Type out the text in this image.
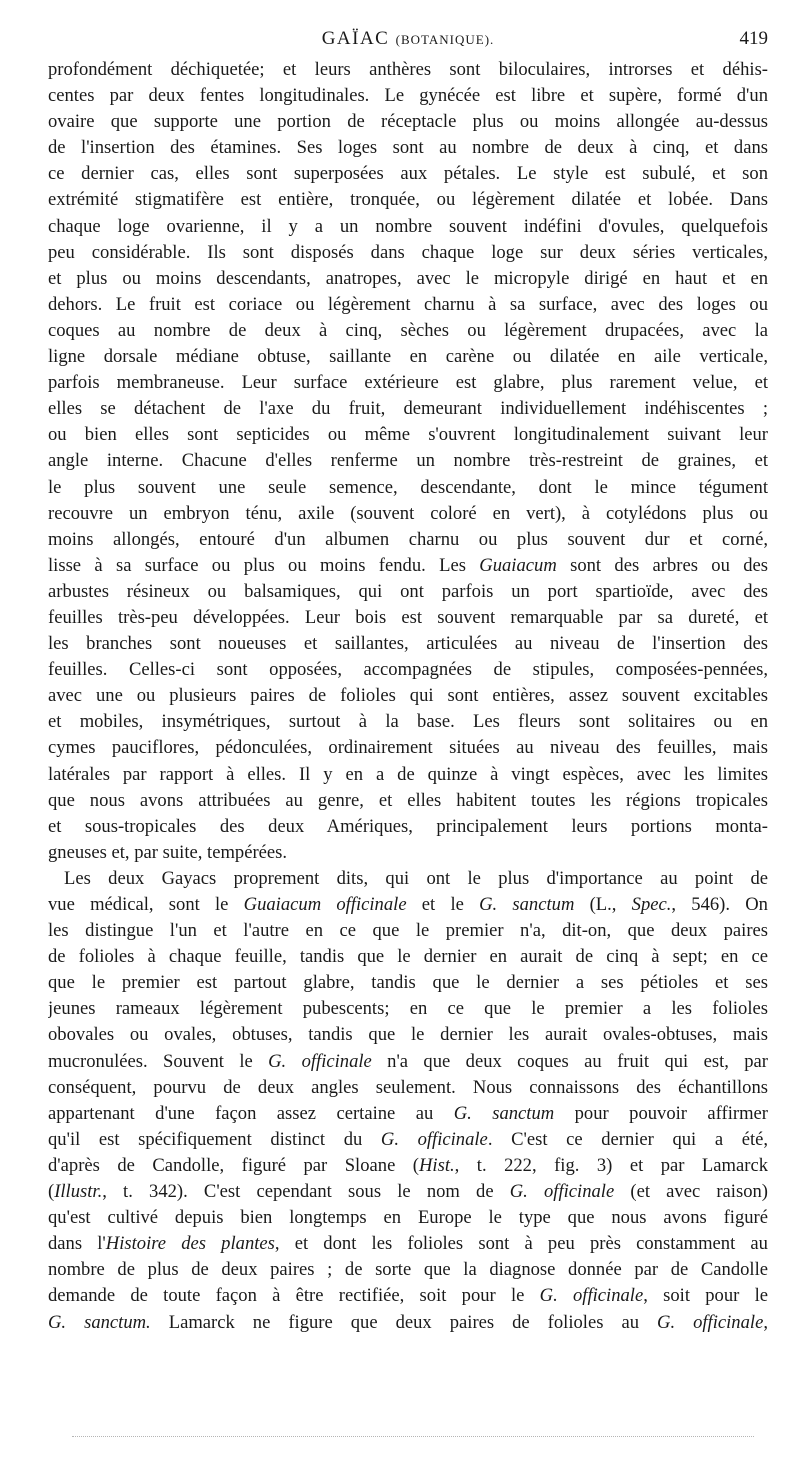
GAÏAC (BOTANIQUE).	419
profondément déchiquetée; et leurs anthères sont biloculaires, introrses et déhis-
centes par deux fentes longitudinales. Le gynécée est libre et supère, formé d'un
ovaire que supporte une portion de réceptacle plus ou moins allongée au-dessus
de l'insertion des étamines. Ses loges sont au nombre de deux à cinq, et dans
ce dernier cas, elles sont superposées aux pétales. Le style est subulé, et son
extrémité stigmatifère est entière, tronquée, ou légèrement dilatée et lobée. Dans
chaque loge ovarienne, il y a un nombre souvent indéfini d'ovules, quelquefois
peu considérable. Ils sont disposés dans chaque loge sur deux séries verticales,
et plus ou moins descendants, anatropes, avec le micropyle dirigé en haut et en
dehors. Le fruit est coriace ou légèrement charnu à sa surface, avec des loges ou
coques au nombre de deux à cinq, sèches ou légèrement drupacées, avec la
ligne dorsale médiane obtuse, saillante en carène ou dilatée en aile verticale,
parfois membraneuse. Leur surface extérieure est glabre, plus rarement velue, et
elles se détachent de l'axe du fruit, demeurant individuellement indéhiscentes ;
ou bien elles sont septicides ou même s'ouvrent longitudinalement suivant leur
angle interne. Chacune d'elles renferme un nombre très-restreint de graines, et
le plus souvent une seule semence, descendante, dont le mince tégument
recouvre un embryon ténu, axile (souvent coloré en vert), à cotylédons plus ou
moins allongés, entouré d'un albumen charnu ou plus souvent dur et corné,
lisse à sa surface ou plus ou moins fendu. Les Guaiacum sont des arbres ou des
arbustes résineux ou balsamiques, qui ont parfois un port spartioïde, avec des
feuilles très-peu développées. Leur bois est souvent remarquable par sa dureté, et
les branches sont noueuses et saillantes, articulées au niveau de l'insertion des
feuilles. Celles-ci sont opposées, accompagnées de stipules, composées-pennées,
avec une ou plusieurs paires de folioles qui sont entières, assez souvent excitables
et mobiles, insymétriques, surtout à la base. Les fleurs sont solitaires ou en
cymes pauciflores, pédonculées, ordinairement situées au niveau des feuilles, mais
latérales par rapport à elles. Il y en a de quinze à vingt espèces, avec les limites
que nous avons attribuées au genre, et elles habitent toutes les régions tropicales
et sous-tropicales des deux Amériques, principalement leurs portions monta-
gneuses et, par suite, tempérées.
Les deux Gayacs proprement dits, qui ont le plus d'importance au point de
vue médical, sont le Guaiacum officinale et le G. sanctum (L., Spec., 546). On
les distingue l'un et l'autre en ce que le premier n'a, dit-on, que deux paires
de folioles à chaque feuille, tandis que le dernier en aurait de cinq à sept; en ce
que le premier est partout glabre, tandis que le dernier a ses pétioles et ses
jeunes rameaux légèrement pubescents; en ce que le premier a les folioles
obovales ou ovales, obtuses, tandis que le dernier les aurait ovales-obtuses, mais
mucronulées. Souvent le G. officinale n'a que deux coques au fruit qui est, par
conséquent, pourvu de deux angles seulement. Nous connaissons des échantillons
appartenant d'une façon assez certaine au G. sanctum pour pouvoir affirmer
qu'il est spécifiquement distinct du G. officinale. C'est ce dernier qui a été,
d'après de Candolle, figuré par Sloane (Hist., t. 222, fig. 3) et par Lamarck
(Illustr., t. 342). C'est cependant sous le nom de G. officinale (et avec raison)
qu'est cultivé depuis bien longtemps en Europe le type que nous avons figuré
dans l'Histoire des plantes, et dont les folioles sont à peu près constamment au
nombre de plus de deux paires ; de sorte que la diagnose donnée par de Candolle
demande de toute façon à être rectifiée, soit pour le G. officinale, soit pour le
G. sanctum. Lamarck ne figure que deux paires de folioles au G. officinale,
